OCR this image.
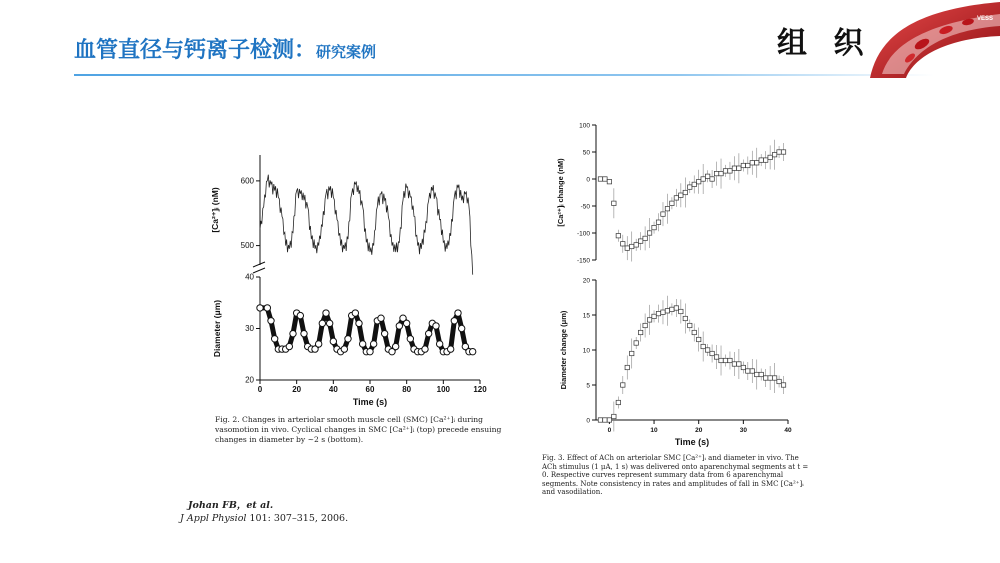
血管直径与钙离子检测：研究案例	组 织
VESS
500
600
[Ca²⁺]ᵢ (nM)
20
30
40
0	20	40	60	80	100	120
Time (s)
Diameter (μm)
Fig. 2. Changes in arteriolar smooth muscle cell (SMC) [Ca²⁺]ᵢ during vasomotion in vivo. Cyclical changes in SMC [Ca²⁺]ᵢ (top) precede ensuing changes in diameter by ~2 s (bottom).
-150
-100
-50
0
50
100
[Ca²⁺]ᵢ change (nM)
0
5
10
15
20
0	10	20	30	40
Time (s)
Diameter change (μm)
Fig. 3. Effect of ACh on arteriolar SMC [Ca²⁺]ᵢ and diameter in vivo. The ACh stimulus (1 μA, 1 s) was delivered onto aparenchymal segments at t = 0. Respective curves represent summary data from 6 aparenchymal segments. Note consistency in rates and amplitudes of fall in SMC [Ca²⁺]ᵢ and vasodilation.
Johan FB，et al.
J Appl Physiol 101: 307–315, 2006.
